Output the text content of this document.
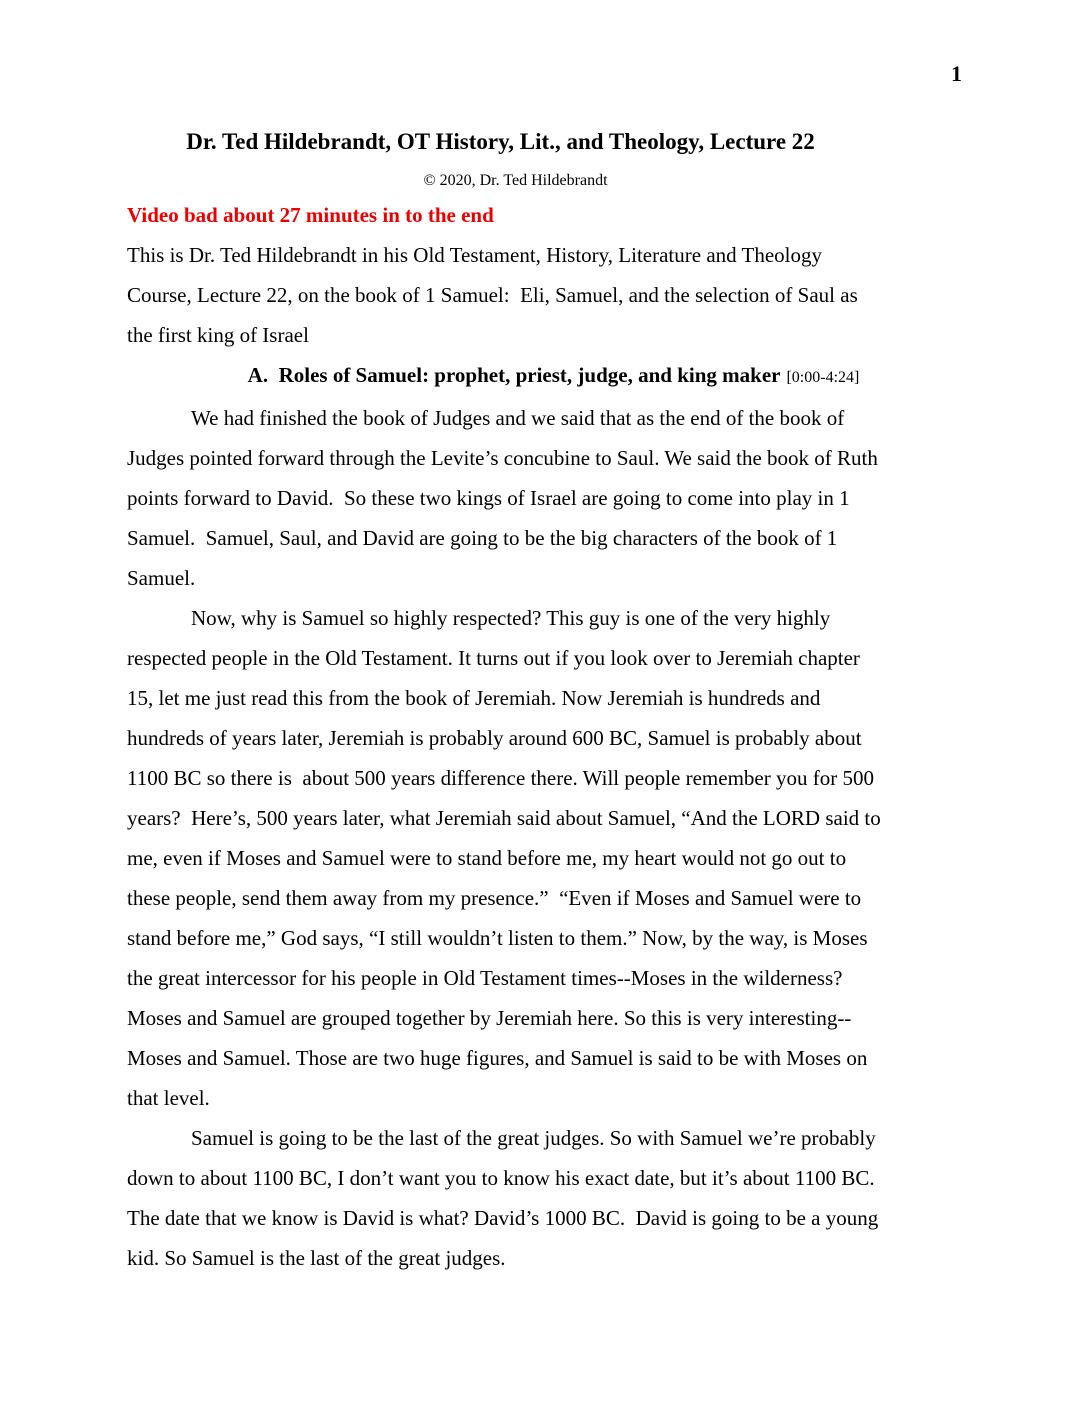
1
Dr. Ted Hildebrandt, OT History, Lit., and Theology, Lecture 22
© 2020, Dr. Ted Hildebrandt
Video bad about 27 minutes in to the end
This is Dr. Ted Hildebrandt in his Old Testament, History, Literature and Theology
Course, Lecture 22, on the book of 1 Samuel:  Eli, Samuel, and the selection of Saul as
the first king of Israel
A.  Roles of Samuel: prophet, priest, judge, and king maker [0:00-4:24]
We had finished the book of Judges and we said that as the end of the book of
Judges pointed forward through the Levite’s concubine to Saul. We said the book of Ruth
points forward to David.  So these two kings of Israel are going to come into play in 1
Samuel.  Samuel, Saul, and David are going to be the big characters of the book of 1
Samuel.
Now, why is Samuel so highly respected? This guy is one of the very highly
respected people in the Old Testament. It turns out if you look over to Jeremiah chapter
15, let me just read this from the book of Jeremiah. Now Jeremiah is hundreds and
hundreds of years later, Jeremiah is probably around 600 BC, Samuel is probably about
1100 BC so there is  about 500 years difference there. Will people remember you for 500
years?  Here’s, 500 years later, what Jeremiah said about Samuel, “And the LORD said to
me, even if Moses and Samuel were to stand before me, my heart would not go out to
these people, send them away from my presence.”  “Even if Moses and Samuel were to
stand before me,” God says, “I still wouldn’t listen to them.” Now, by the way, is Moses
the great intercessor for his people in Old Testament times--Moses in the wilderness?
Moses and Samuel are grouped together by Jeremiah here. So this is very interesting--
Moses and Samuel. Those are two huge figures, and Samuel is said to be with Moses on
that level.
Samuel is going to be the last of the great judges. So with Samuel we’re probably
down to about 1100 BC, I don’t want you to know his exact date, but it’s about 1100 BC.
The date that we know is David is what? David’s 1000 BC.  David is going to be a young
kid. So Samuel is the last of the great judges.
